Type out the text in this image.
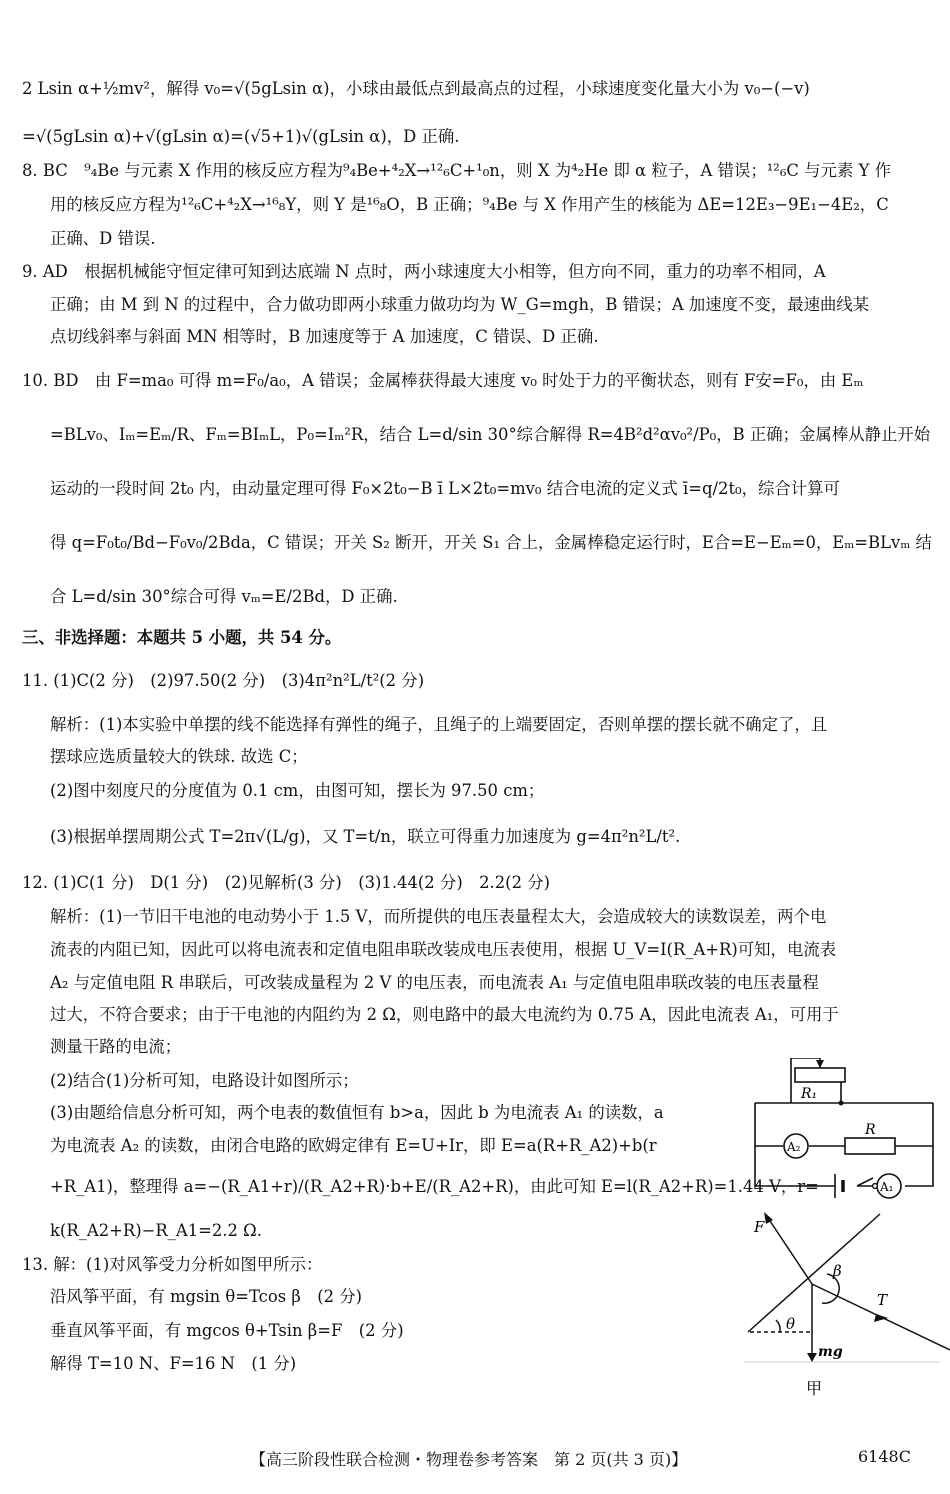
2 Lsin α+½mv²，解得 v₀=√(5gLsin α)，小球由最低点到最高点的过程，小球速度变化量大小为 v₀−(−v)
=√(5gLsin α)+√(gLsin α)=(√5+1)√(gLsin α)，D 正确.
8. BC　⁹₄Be 与元素 X 作用的核反应方程为⁹₄Be+⁴₂X→¹²₆C+¹₀n，则 X 为⁴₂He 即 α 粒子，A 错误；¹²₆C 与元素 Y 作
用的核反应方程为¹²₆C+⁴₂X→¹⁶₈Y，则 Y 是¹⁶₈O，B 正确；⁹₄Be 与 X 作用产生的核能为 ΔE=12E₃−9E₁−4E₂，C
正确、D 错误.
9. AD　根据机械能守恒定律可知到达底端 N 点时，两小球速度大小相等，但方向不同，重力的功率不相同，A
正确；由 M 到 N 的过程中，合力做功即两小球重力做功均为 W_G=mgh，B 错误；A 加速度不变，最速曲线某
点切线斜率与斜面 MN 相等时，B 加速度等于 A 加速度，C 错误、D 正确.
10. BD　由 F=ma₀ 可得 m=F₀/a₀，A 错误；金属棒获得最大速度 v₀ 时处于力的平衡状态，则有 F安=F₀，由 Eₘ
=BLv₀、Iₘ=Eₘ/R、Fₘ=BIₘL，P₀=Iₘ²R，结合 L=d/sin 30°综合解得 R=4B²d²αv₀²/P₀，B 正确；金属棒从静止开始
运动的一段时间 2t₀ 内，由动量定理可得 F₀×2t₀−B ī L×2t₀=mv₀ 结合电流的定义式 ī=q/2t₀，综合计算可
得 q=F₀t₀/Bd−F₀v₀/2Bda，C 错误；开关 S₂ 断开，开关 S₁ 合上，金属棒稳定运行时，E合=E−Eₘ=0，Eₘ=BLvₘ 结
合 L=d/sin 30°综合可得 vₘ=E/2Bd，D 正确.
三、非选择题：本题共 5 小题，共 54 分。
11. (1)C(2 分)　(2)97.50(2 分)　(3)4π²n²L/t²(2 分)
解析：(1)本实验中单摆的线不能选择有弹性的绳子，且绳子的上端要固定，否则单摆的摆长就不确定了，且
摆球应选质量较大的铁球. 故选 C；
(2)图中刻度尺的分度值为 0.1 cm，由图可知，摆长为 97.50 cm；
(3)根据单摆周期公式 T=2π√(L/g)，又 T=t/n，联立可得重力加速度为 g=4π²n²L/t².
12. (1)C(1 分)　D(1 分)　(2)见解析(3 分)　(3)1.44(2 分)　2.2(2 分)
解析：(1)一节旧干电池的电动势小于 1.5 V，而所提供的电压表量程太大，会造成较大的读数误差，两个电
流表的内阻已知，因此可以将电流表和定值电阻串联改装成电压表使用，根据 U_V=I(R_A+R)可知，电流表
A₂ 与定值电阻 R 串联后，可改装成量程为 2 V 的电压表，而电流表 A₁ 与定值电阻串联改装的电压表量程
过大，不符合要求；由于干电池的内阻约为 2 Ω，则电路中的最大电流约为 0.75 A，因此电流表 A₁，可用于
测量干路的电流；
(2)结合(1)分析可知，电路设计如图所示；
(3)由题给信息分析可知，两个电表的数值恒有 b>a，因此 b 为电流表 A₁ 的读数，a
为电流表 A₂ 的读数，由闭合电路的欧姆定律有 E=U+Ir，即 E=a(R+R_A2)+b(r
+R_A1)，整理得 a=−(R_A1+r)/(R_A2+R)·b+E/(R_A2+R)，由此可知 E=l(R_A2+R)=1.44 V，r=
k(R_A2+R)−R_A1=2.2 Ω.
13. 解：(1)对风筝受力分析如图甲所示：
沿风筝平面，有 mgsin θ=Tcos β　(2 分)
垂直风筝平面，有 mgcos θ+Tsin β=F　(2 分)
解得 T=10 N、F=16 N　(1 分)
R₁
A₂
R
A₁
F
β
T
θ
mg
甲
【高三阶段性联合检测・物理卷参考答案　第 2 页(共 3 页)】	6148C
